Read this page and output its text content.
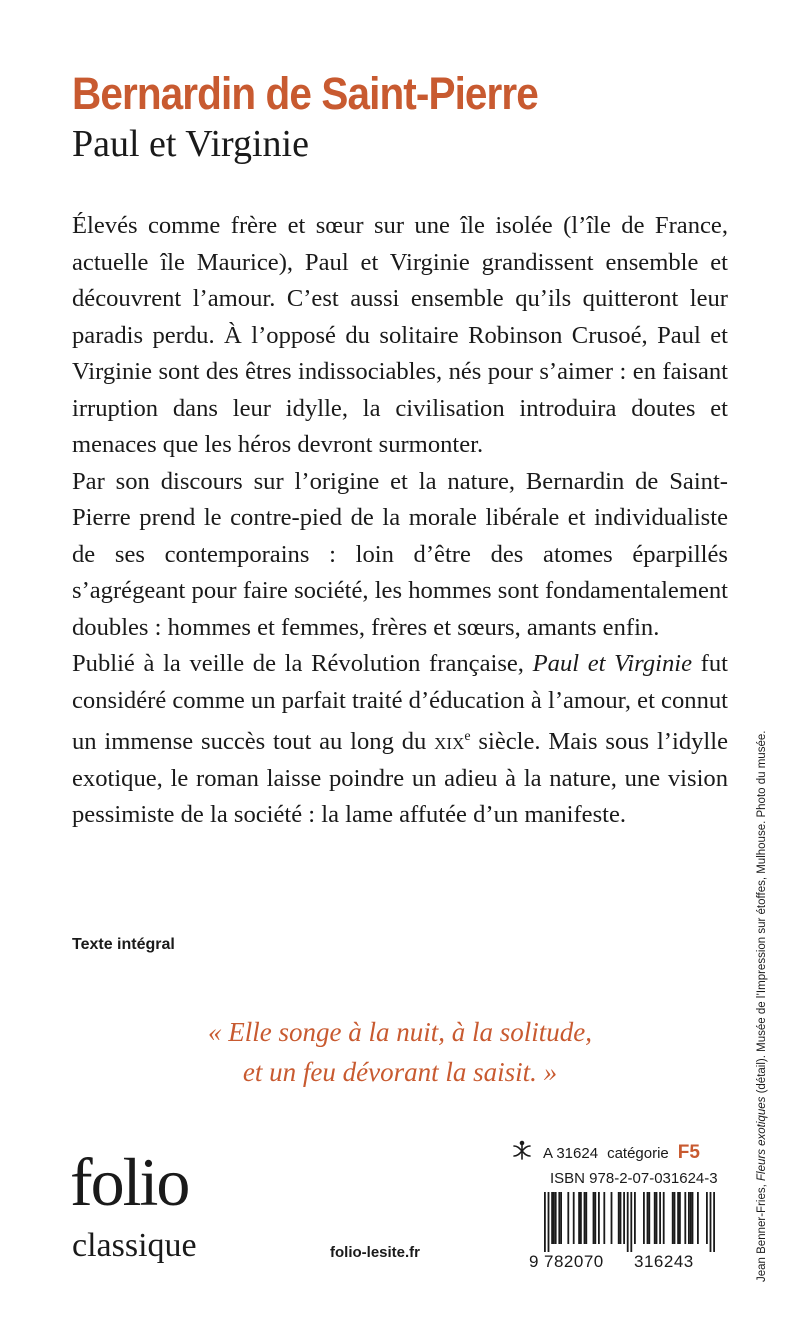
Bernardin de Saint-Pierre
Paul et Virginie

Élevés comme frère et sœur sur une île isolée (l’île de France, actuelle île Maurice), Paul et Virginie grandissent ensemble et découvrent l’amour. C’est aussi ensemble qu’ils quitteront leur paradis perdu. À l’opposé du solitaire Robinson Crusoé, Paul et Virginie sont des êtres indissociables, nés pour s’aimer : en faisant irruption dans leur idylle, la civilisation introduira doutes et menaces que les héros devront surmonter.

Par son discours sur l’origine et la nature, Bernardin de Saint-Pierre prend le contre-pied de la morale libérale et individualiste de ses contemporains : loin d’être des atomes éparpillés s’agrégeant pour faire société, les hommes sont fondamentalement doubles : hommes et femmes, frères et sœurs, amants enfin.

Publié à la veille de la Révolution française, Paul et Virginie fut considéré comme un parfait traité d’éducation à l’amour, et connut un immense succès tout au long du xix$^e$ siècle. Mais sous l’idylle exotique, le roman laisse poindre un adieu à la nature, une vision pessimiste de la société : la lame affutée d’un manifeste.

Texte intégral
« Elle songe à la nuit, à la solitude,
et un feu dévorant la saisit. »
Jean Benner-Fries, Fleurs exotiques (détail). Musée de l’Impression sur étoffes, Mulhouse. Photo du musée.
folio
classique	folio-lesite.fr
A 31624 catégorie F5
ISBN 978-2-07-031624-3
9 782070 316243
